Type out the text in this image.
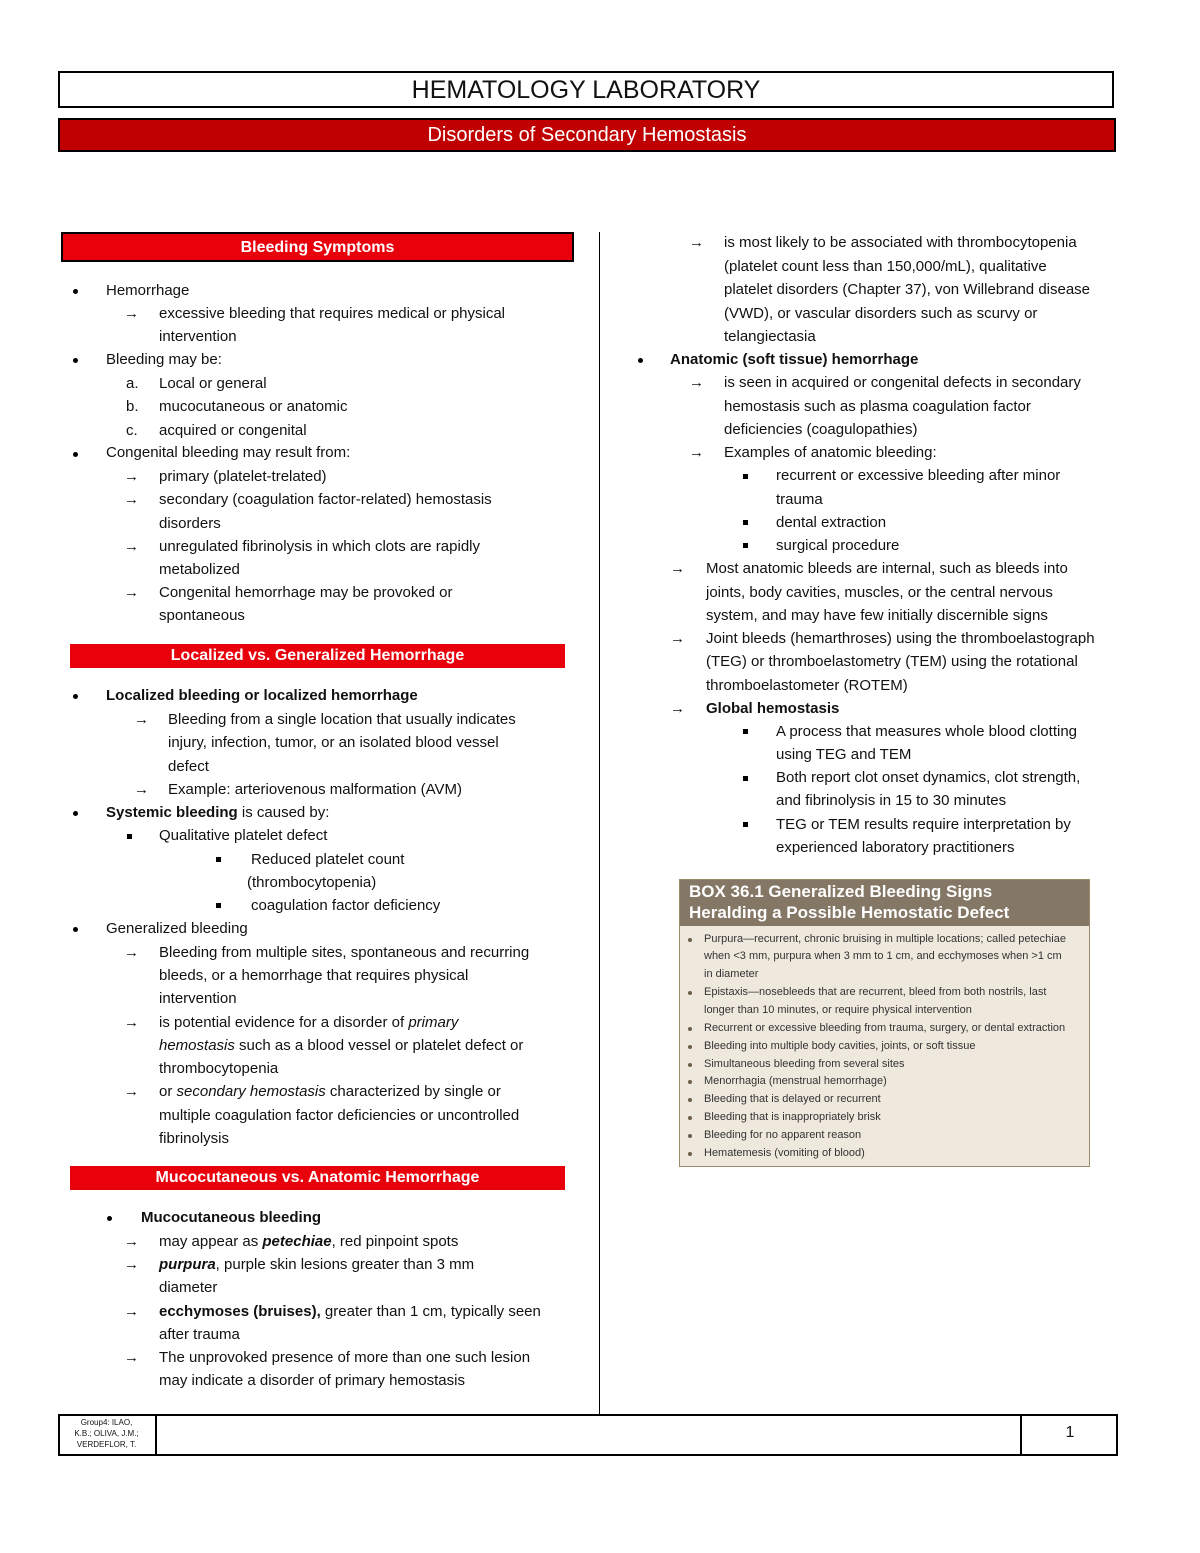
HEMATOLOGY LABORATORY
Disorders of Secondary Hemostasis
Bleeding Symptoms
Hemorrhage
→ excessive bleeding that requires medical or physical
intervention
Bleeding may be:
a. Local or general
b. mucocutaneous or anatomic
c. acquired or congenital
Congenital bleeding may result from:
→ primary (platelet-trelated)
→ secondary (coagulation factor-related) hemostasis
disorders
→ unregulated fibrinolysis in which clots are rapidly
metabolized
→ Congenital hemorrhage may be provoked or
spontaneous
Localized vs. Generalized Hemorrhage
Localized bleeding or localized hemorrhage
→ Bleeding from a single location that usually indicates
injury, infection, tumor, or an isolated blood vessel
defect
→ Example: arteriovenous malformation (AVM)
Systemic bleeding is caused by:
Qualitative platelet defect
Reduced platelet count
(thrombocytopenia)
coagulation factor deficiency
Generalized bleeding
→ Bleeding from multiple sites, spontaneous and recurring
bleeds, or a hemorrhage that requires physical
intervention
→ is potential evidence for a disorder of primary
hemostasis such as a blood vessel or platelet defect or
thrombocytopenia
→ or secondary hemostasis characterized by single or
multiple coagulation factor deficiencies or uncontrolled
fibrinolysis
Mucocutaneous vs. Anatomic Hemorrhage
Mucocutaneous bleeding
→ may appear as petechiae, red pinpoint spots
→ purpura, purple skin lesions greater than 3 mm
diameter
→ ecchymoses (bruises), greater than 1 cm, typically seen
after trauma
→ The unprovoked presence of more than one such lesion
may indicate a disorder of primary hemostasis
→ is most likely to be associated with thrombocytopenia
(platelet count less than 150,000/mL), qualitative
platelet disorders (Chapter 37), von Willebrand disease
(VWD), or vascular disorders such as scurvy or
telangiectasia
Anatomic (soft tissue) hemorrhage
→ is seen in acquired or congenital defects in secondary
hemostasis such as plasma coagulation factor
deficiencies (coagulopathies)
→ Examples of anatomic bleeding:
recurrent or excessive bleeding after minor
trauma
dental extraction
surgical procedure
→ Most anatomic bleeds are internal, such as bleeds into
joints, body cavities, muscles, or the central nervous
system, and may have few initially discernible signs
→ Joint bleeds (hemarthroses) using the thromboelastograph
(TEG) or thromboelastometry (TEM) using the rotational
thromboelastometer (ROTEM)
→ Global hemostasis
A process that measures whole blood clotting
using TEG and TEM
Both report clot onset dynamics, clot strength,
and fibrinolysis in 15 to 30 minutes
TEG or TEM results require interpretation by
experienced laboratory practitioners
BOX 36.1 Generalized Bleeding Signs
Heralding a Possible Hemostatic Defect
Purpura—recurrent, chronic bruising in multiple locations; called petechiae
when <3 mm, purpura when 3 mm to 1 cm, and ecchymoses when >1 cm
in diameter
Epistaxis—nosebleeds that are recurrent, bleed from both nostrils, last
longer than 10 minutes, or require physical intervention
Recurrent or excessive bleeding from trauma, surgery, or dental extraction
Bleeding into multiple body cavities, joints, or soft tissue
Simultaneous bleeding from several sites
Menorrhagia (menstrual hemorrhage)
Bleeding that is delayed or recurrent
Bleeding that is inappropriately brisk
Bleeding for no apparent reason
Hematemesis (vomiting of blood)
Group4: ILAO,
K.B.; OLIVA, J.M.;
VERDEFLOR, T.
1
